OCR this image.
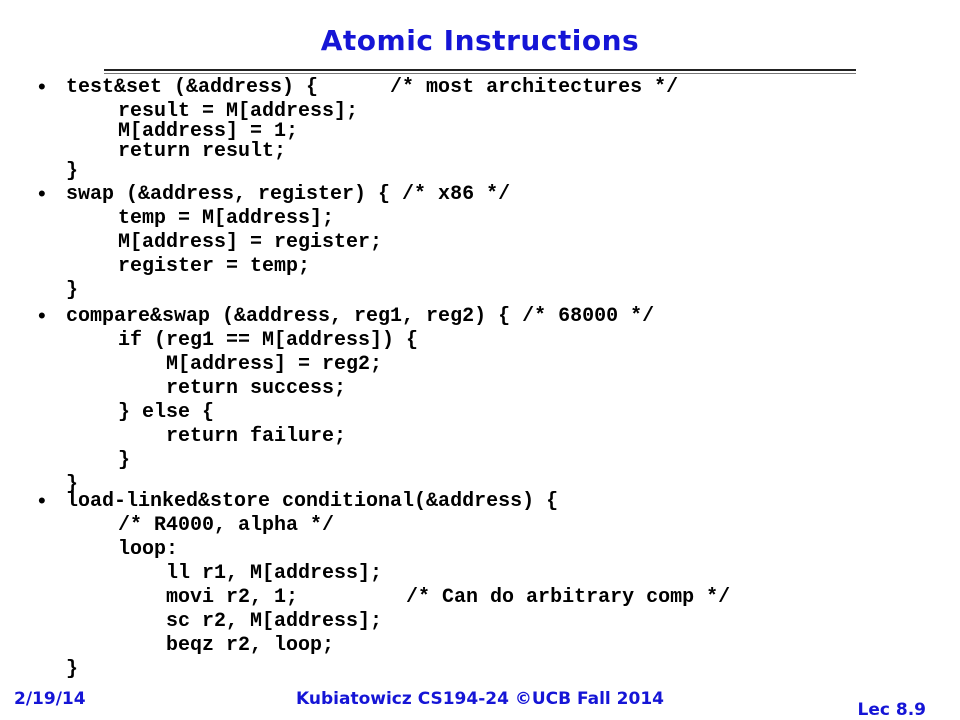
Atomic Instructions
• test&set (&address) {      /* most architectures */
result = M[address];
M[address] = 1;
return result;
}
• swap (&address, register) { /* x86 */
temp = M[address];
M[address] = register;
register = temp;
}
• compare&swap (&address, reg1, reg2) { /* 68000 */
if (reg1 == M[address]) {
M[address] = reg2;
return success;
} else {
return failure;
}
}
• load-linked&store conditional(&address) {
/* R4000, alpha */
loop:
ll r1, M[address];
movi r2, 1;         /* Can do arbitrary comp */
sc r2, M[address];
beqz r2, loop;
}
2/19/14	Kubiatowicz CS194-24 ©UCB Fall 2014
Lec 8.9
